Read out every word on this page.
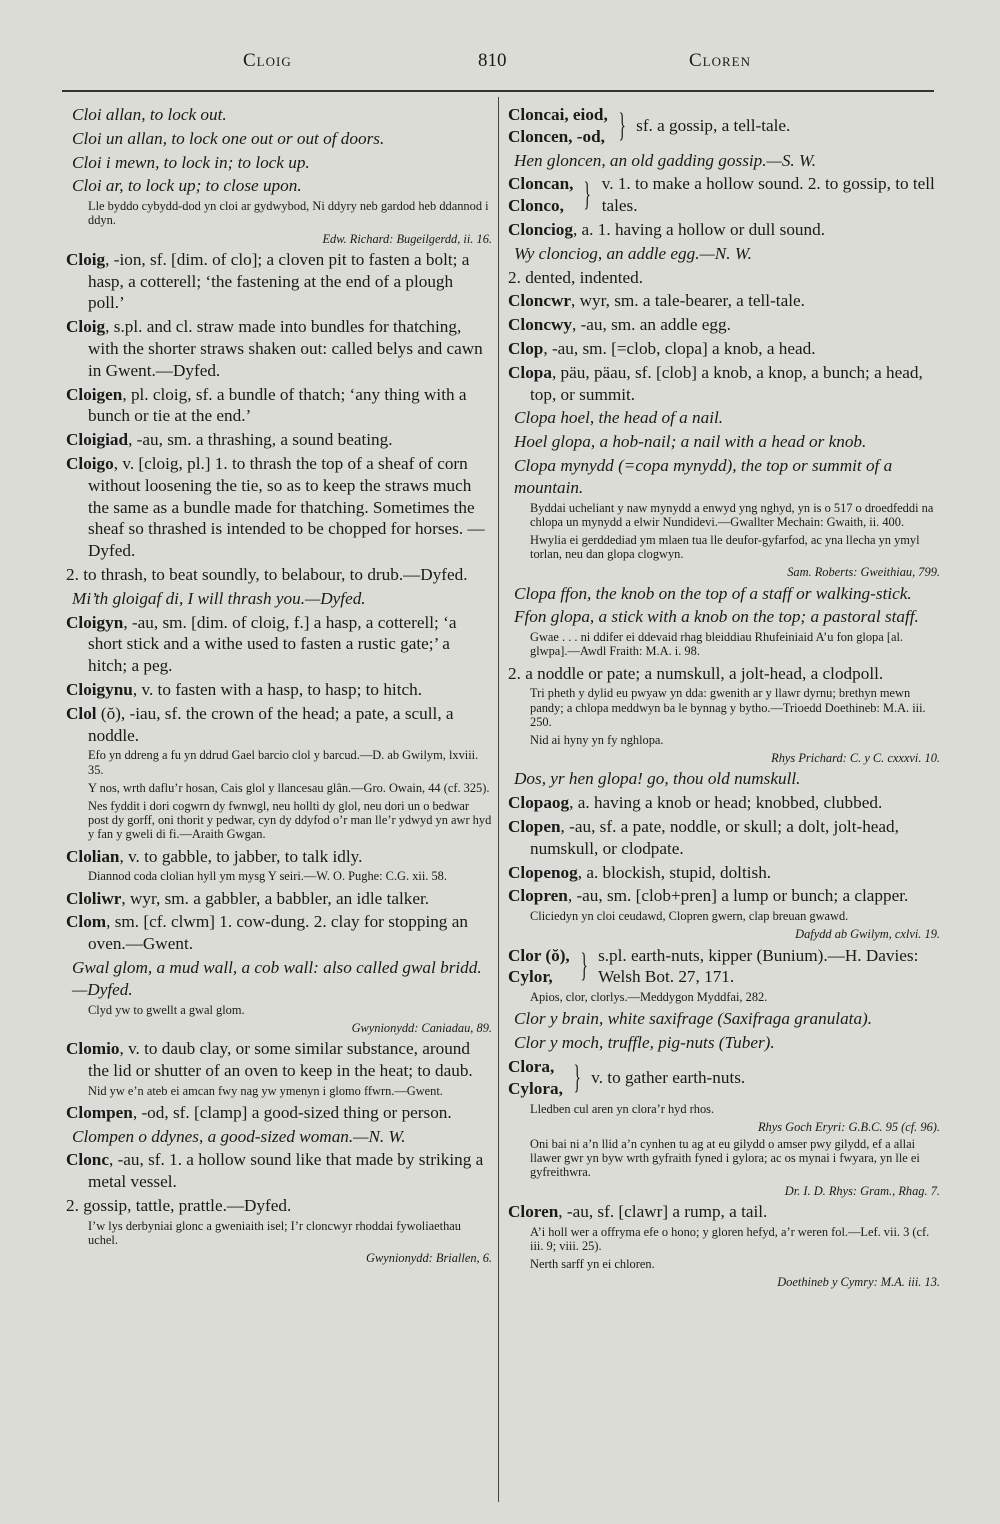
Cloig	810	Cloren

Cloi allan, to lock out.

Cloi un allan, to lock one out or out of doors.

Cloi i mewn, to lock in; to lock up.

Cloi ar, to lock up; to close upon.

Lle byddo cybydd-dod yn cloi ar gydwybod, Ni ddyry neb gardod heb ddannod i ddyn.

Edw. Richard: Bugeilgerdd, ii. 16.

Cloig, -ion, sf. [dim. of clo]; a cloven pit to fasten a bolt; a hasp, a cotterell; ‘the fastening at the end of a plough poll.’

Cloig, s.pl. and cl. straw made into bundles for thatching, with the shorter straws shaken out: called belys and cawn in Gwent.—Dyfed.

Cloigen, pl. cloig, sf. a bundle of thatch; ‘any thing with a bunch or tie at the end.’

Cloigiad, -au, sm. a thrashing, a sound beating.

Cloigo, v. [cloig, pl.] 1. to thrash the top of a sheaf of corn without loosening the tie, so as to keep the straws much the same as a bundle made for thatching. Sometimes the sheaf so thrashed is intended to be chopped for horses. —Dyfed.

2. to thrash, to beat soundly, to belabour, to drub.—Dyfed.

Mi’th gloigaf di, I will thrash you.—Dyfed.

Cloigyn, -au, sm. [dim. of cloig, f.] a hasp, a cotterell; ‘a short stick and a withe used to fasten a rustic gate;’ a hitch; a peg.

Cloigynu, v. to fasten with a hasp, to hasp; to hitch.

Clol (ŏ), -iau, sf. the crown of the head; a pate, a scull, a noddle.

Efo yn ddreng a fu yn ddrud Gael barcio clol y barcud.—D. ab Gwilym, lxviii. 35.

Y nos, wrth daflu’r hosan, Cais glol y llancesau glân.—Gro. Owain, 44 (cf. 325).

Nes fyddit i dori cogwrn dy fwnwgl, neu hollti dy glol, neu dori un o bedwar post dy gorff, oni thorit y pedwar, cyn dy ddyfod o’r man lle’r ydwyd yn awr hyd y fan y gweli di fi.—Araith Gwgan.

Clolian, v. to gabble, to jabber, to talk idly.

Diannod coda clolian hyll ym mysg Y seiri.—W. O. Pughe: C.G. xii. 58.

Cloliwr, wyr, sm. a gabbler, a babbler, an idle talker.

Clom, sm. [cf. clwm] 1. cow-dung. 2. clay for stopping an oven.—Gwent.

Gwal glom, a mud wall, a cob wall: also called gwal bridd.—Dyfed.

Clyd yw to gwellt a gwal glom.

Gwynionydd: Caniadau, 89.

Clomio, v. to daub clay, or some similar substance, around the lid or shutter of an oven to keep in the heat; to daub.

Nid yw e’n ateb ei amcan fwy nag yw ymenyn i glomo ffwrn.—Gwent.

Clompen, -od, sf. [clamp] a good-sized thing or person.

Clompen o ddynes, a good-sized woman.—N. W.

Clonc, -au, sf. 1. a hollow sound like that made by striking a metal vessel.

2. gossip, tattle, prattle.—Dyfed.

I’w lys derbyniai glonc a gweniaith isel; I’r cloncwyr rhoddai fywoliaethau uchel.

Gwynionydd: Briallen, 6.

Cloncai, eiod,
Cloncen, -od, } sf. a gossip, a tell-tale.

Hen gloncen, an old gadding gossip.—S. W.

Cloncan,
Clonco, } v. 1. to make a hollow sound. 2. to gossip, to tell tales.

Clonciog, a. 1. having a hollow or dull sound.

Wy clonciog, an addle egg.—N. W.

2. dented, indented.

Cloncwr, wyr, sm. a tale-bearer, a tell-tale.

Cloncwy, -au, sm. an addle egg.

Clop, -au, sm. [=clob, clopa] a knob, a head.

Clopa, päu, päau, sf. [clob] a knob, a knop, a bunch; a head, top, or summit.

Clopa hoel, the head of a nail.

Hoel glopa, a hob-nail; a nail with a head or knob.

Clopa mynydd (=copa mynydd), the top or summit of a mountain.

Byddai ucheliant y naw mynydd a enwyd yng nghyd, yn is o 517 o droedfeddi na chlopa un mynydd a elwir Nundidevi.—Gwallter Mechain: Gwaith, ii. 400.

Hwylia ei gerddediad ym mlaen tua lle deufor-gyfarfod, ac yna llecha yn ymyl torlan, neu dan glopa clogwyn.

Sam. Roberts: Gweithiau, 799.

Clopa ffon, the knob on the top of a staff or walking-stick.

Ffon glopa, a stick with a knob on the top; a pastoral staff.

Gwae . . . ni ddifer ei ddevaid rhag bleiddiau Rhufeiniaid A’u fon glopa [al. glwpa].—Awdl Fraith: M.A. i. 98.

2. a noddle or pate; a numskull, a jolt-head, a clodpoll.

Tri pheth y dylid eu pwyaw yn dda: gwenith ar y llawr dyrnu; brethyn mewn pandy; a chlopa meddwyn ba le bynnag y bytho.—Trioedd Doethineb: M.A. iii. 250.

Nid ai hyny yn fy nghlopa.

Rhys Prichard: C. y C. cxxxvi. 10.

Dos, yr hen glopa! go, thou old numskull.

Clopaog, a. having a knob or head; knobbed, clubbed.

Clopen, -au, sf. a pate, noddle, or skull; a dolt, jolt-head, numskull, or clodpate.

Clopenog, a. blockish, stupid, doltish.

Clopren, -au, sm. [clob+pren] a lump or bunch; a clapper.

Cliciedyn yn cloi ceudawd, Clopren gwern, clap breuan gwawd.

Dafydd ab Gwilym, cxlvi. 19.

Clor (ŏ),
Cylor, } s.pl. earth-nuts, kipper (Bunium).—H. Davies: Welsh Bot. 27, 171.

Apios, clor, clorlys.—Meddygon Myddfai, 282.

Clor y brain, white saxifrage (Saxifraga granulata).

Clor y moch, truffle, pig-nuts (Tuber).

Clora,
Cylora, } v. to gather earth-nuts.

Lledben cul aren yn clora’r hyd rhos.

Rhys Goch Eryri: G.B.C. 95 (cf. 96).

Oni bai ni a’n llid a’n cynhen tu ag at eu gilydd o amser pwy gilydd, ef a allai llawer gwr yn byw wrth gyfraith fyned i gylora; ac os mynai i fwyara, yn lle ei gyfreithwra.

Dr. I. D. Rhys: Gram., Rhag. 7.

Cloren, -au, sf. [clawr] a rump, a tail.

A’i holl wer a offryma efe o hono; y gloren hefyd, a’r weren fol.—Lef. vii. 3 (cf. iii. 9; viii. 25).

Nerth sarff yn ei chloren.

Doethineb y Cymry: M.A. iii. 13.
